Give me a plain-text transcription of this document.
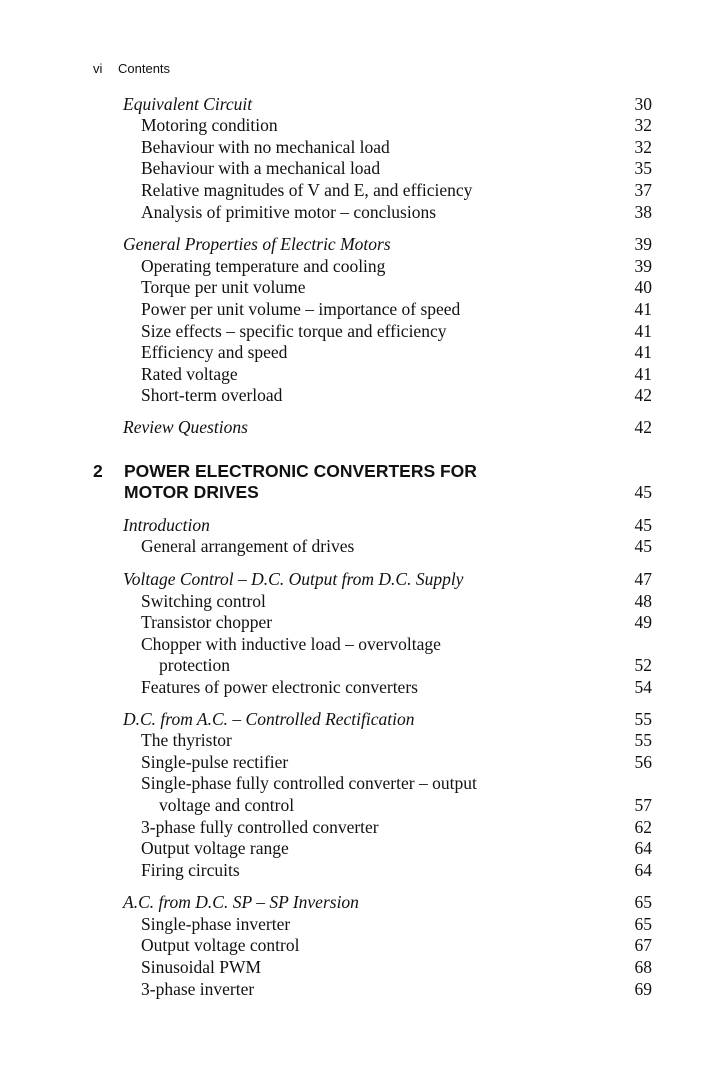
vi Contents
Equivalent Circuit	30
Motoring condition	32
Behaviour with no mechanical load	32
Behaviour with a mechanical load	35
Relative magnitudes of V and E, and efficiency	37
Analysis of primitive motor – conclusions	38
General Properties of Electric Motors	39
Operating temperature and cooling	39
Torque per unit volume	40
Power per unit volume – importance of speed	41
Size effects – specific torque and efficiency	41
Efficiency and speed	41
Rated voltage	41
Short-term overload	42
Review Questions	42
2 POWER ELECTRONIC CONVERTERS FOR
MOTOR DRIVES	45
Introduction	45
General arrangement of drives	45
Voltage Control – D.C. Output from D.C. Supply	47
Switching control	48
Transistor chopper	49
Chopper with inductive load – overvoltage
protection	52
Features of power electronic converters	54
D.C. from A.C. – Controlled Rectification	55
The thyristor	55
Single-pulse rectifier	56
Single-phase fully controlled converter – output
voltage and control	57
3-phase fully controlled converter	62
Output voltage range	64
Firing circuits	64
A.C. from D.C. SP – SP Inversion	65
Single-phase inverter	65
Output voltage control	67
Sinusoidal PWM	68
3-phase inverter	69
